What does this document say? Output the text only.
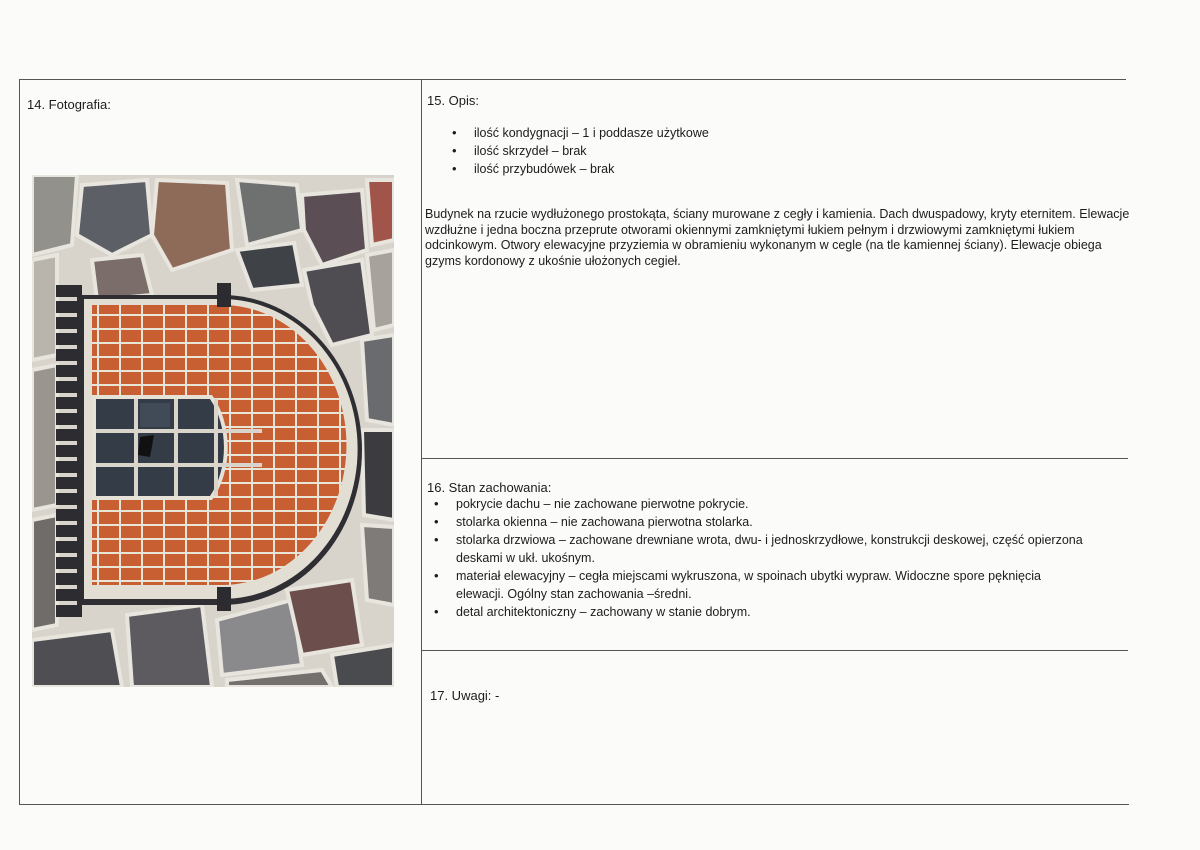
14. Fotografia:	15. Opis:
• ilość kondygnacji – 1 i poddasze użytkowe
• ilość skrzydeł – brak
• ilość przybudówek – brak
Budynek na rzucie wydłużonego prostokąta, ściany murowane z cegły i kamienia. Dach dwuspadowy, kryty eternitem. Elewacje wzdłużne i jedna boczna przeprute otworami okiennymi zamkniętymi łukiem pełnym i drzwiowymi zamkniętymi łukiem odcinkowym. Otwory elewacyjne przyziemia w obramieniu wykonanym w cegle (na tle kamiennej ściany). Elewacje obiega gzyms kordonowy z ukośnie ułożonych cegieł.
16. Stan zachowania:
• pokrycie dachu – nie zachowane pierwotne pokrycie.
• stolarka okienna – nie zachowana pierwotna stolarka.
• stolarka drzwiowa – zachowane drewniane wrota, dwu- i jednoskrzydłowe, konstrukcji deskowej, część opierzona deskami w ukł. ukośnym.
• materiał elewacyjny – cegła miejscami wykruszona, w spoinach ubytki wypraw. Widoczne spore pęknięcia elewacji. Ogólny stan zachowania –średni.
• detal architektoniczny – zachowany w stanie dobrym.
17. Uwagi: -
